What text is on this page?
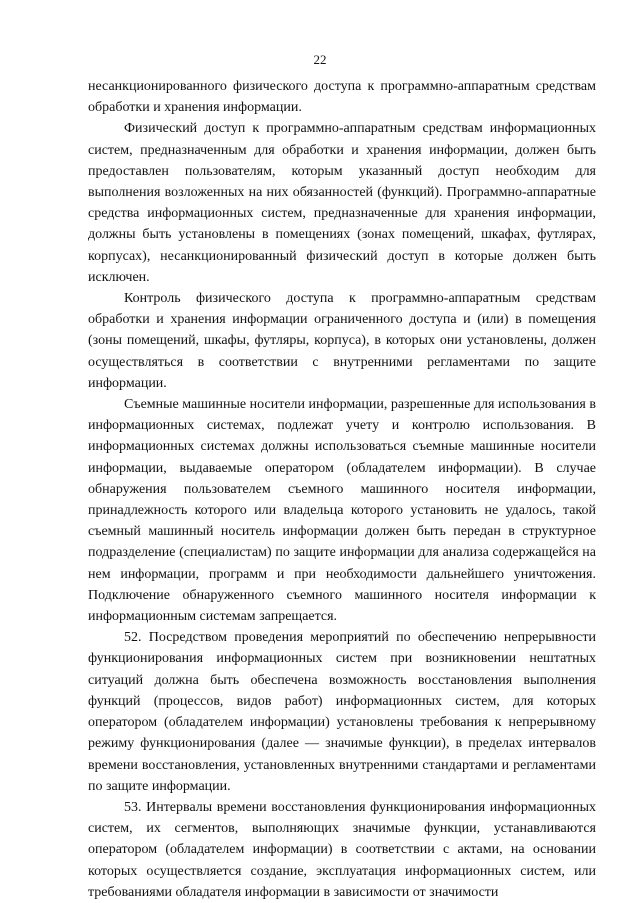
22

несанкционированного физического доступа к программно-аппаратным средствам обработки и хранения информации.

Физический доступ к программно-аппаратным средствам информационных систем, предназначенным для обработки и хранения информации, должен быть предоставлен пользователям, которым указанный доступ необходим для выполнения возложенных на них обязанностей (функций). Программно-аппаратные средства информационных систем, предназначенные для хранения информации, должны быть установлены в помещениях (зонах помещений, шкафах, футлярах, корпусах), несанкционированный физический доступ в которые должен быть исключен.

Контроль физического доступа к программно-аппаратным средствам обработки и хранения информации ограниченного доступа и (или) в помещения (зоны помещений, шкафы, футляры, корпуса), в которых они установлены, должен осуществляться в соответствии с внутренними регламентами по защите информации.

Съемные машинные носители информации, разрешенные для использования в информационных системах, подлежат учету и контролю использования. В информационных системах должны использоваться съемные машинные носители информации, выдаваемые оператором (обладателем информации). В случае обнаружения пользователем съемного машинного носителя информации, принадлежность которого или владельца которого установить не удалось, такой съемный машинный носитель информации должен быть передан в структурное подразделение (специалистам) по защите информации для анализа содержащейся на нем информации, программ и при необходимости дальнейшего уничтожения. Подключение обнаруженного съемного машинного носителя информации к информационным системам запрещается.

52. Посредством проведения мероприятий по обеспечению непрерывности функционирования информационных систем при возникновении нештатных ситуаций должна быть обеспечена возможность восстановления выполнения функций (процессов, видов работ) информационных систем, для которых оператором (обладателем информации) установлены требования к непрерывному режиму функционирования (далее — значимые функции), в пределах интервалов времени восстановления, установленных внутренними стандартами и регламентами по защите информации.

53. Интервалы времени восстановления функционирования информационных систем, их сегментов, выполняющих значимые функции, устанавливаются оператором (обладателем информации) в соответствии с актами, на основании которых осуществляется создание, эксплуатация информационных систем, или требованиями обладателя информации в зависимости от значимости
